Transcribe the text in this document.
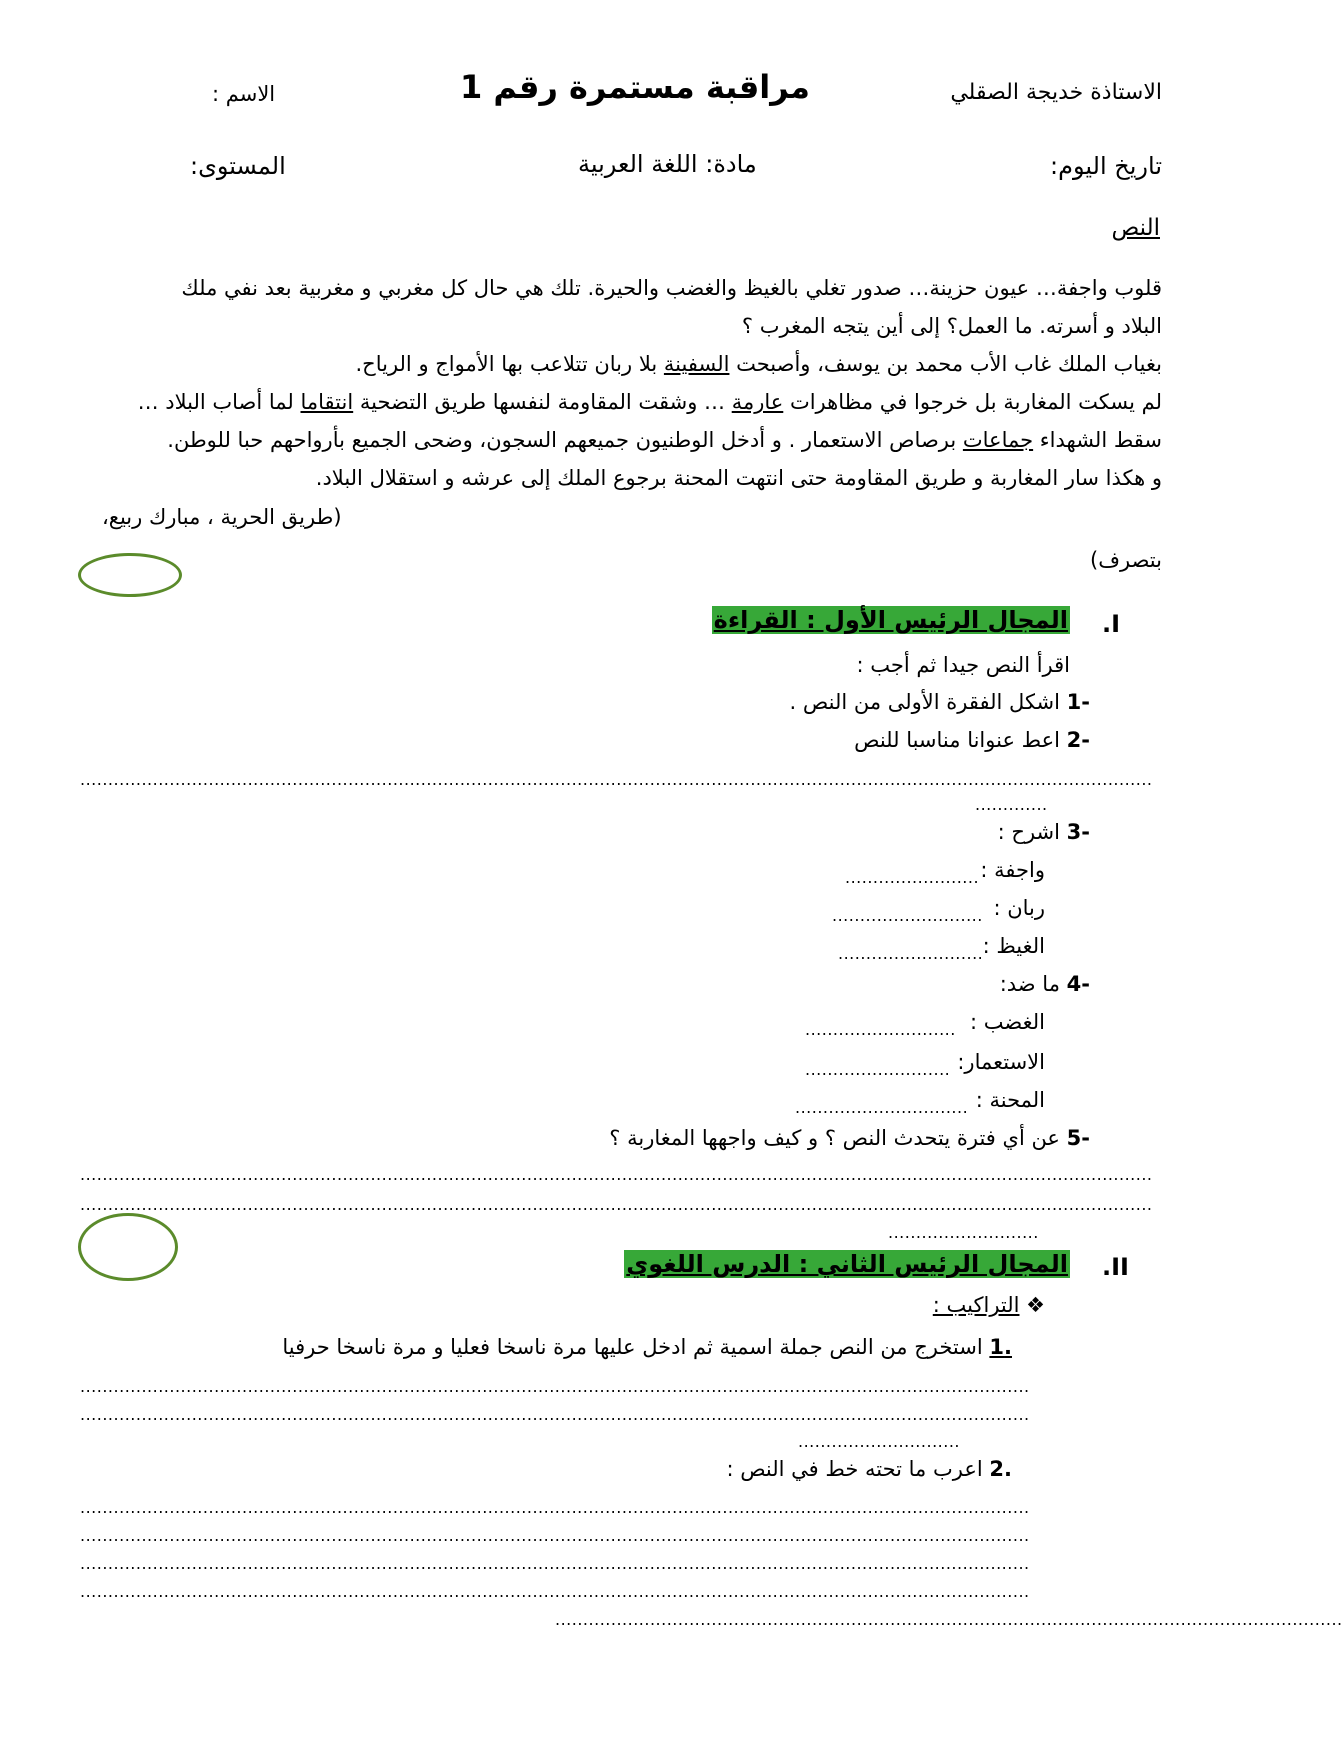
الاستاذة خديجة الصقلي
مراقبة مستمرة رقم 1
الاسم :
تاريخ اليوم:
مادة: اللغة العربية
المستوى:
النص
قلوب واجفة… عيون حزينة… صدور تغلي بالغيظ والغضب والحيرة. تلك هي حال كل مغربي و مغربية بعد نفي ملك
البلاد و أسرته. ما العمل؟ إلى أين يتجه المغرب ؟
بغياب الملك غاب الأب محمد بن يوسف، وأصبحت السفينة بلا ربان تتلاعب بها الأمواج و الرياح.
لم يسكت المغاربة بل خرجوا في مظاهرات عارمة … وشقت المقاومة لنفسها طريق التضحية انتقاما لما أصاب البلاد …
سقط الشهداء جماعات برصاص الاستعمار . و أدخل الوطنيون جميعهم السجون، وضحى الجميع بأرواحهم حبا للوطن.
و هكذا سار المغاربة و طريق المقاومة حتى انتهت المحنة برجوع الملك إلى عرشه و استقلال البلاد.
(طريق الحرية ، مبارك ربيع،
بتصرف)
.I
المجال الرئيس الأول : القراءة
اقرأ النص جيدا ثم أجب :
-1 اشكل الفقرة الأولى من النص .
-2 اعط عنوانا مناسبا للنص
................................................................................................................................................................................................
.............
-3 اشرح :
واجفة :
........................
ربان :
...........................
الغيظ :
..........................
-4 ما ضد:
الغضب :
...........................
الاستعمار:
..........................
المحنة :
...............................
-5 عن أي فترة يتحدث النص ؟ و كيف واجهها المغاربة ؟
................................................................................................................................................................................................
................................................................................................................................................................................................
...........................
.II
المجال الرئيس الثاني : الدرس اللغوي
❖ التراكيب :
.1 استخرج من النص جملة اسمية ثم ادخل عليها مرة ناسخا فعليا و مرة ناسخا حرفيا
..........................................................................................................................................................................
..........................................................................................................................................................................
.............................
.2 اعرب ما تحته خط في النص :
..........................................................................................................................................................................
..........................................................................................................................................................................
..........................................................................................................................................................................
..........................................................................................................................................................................
.............................................................................................................................................
